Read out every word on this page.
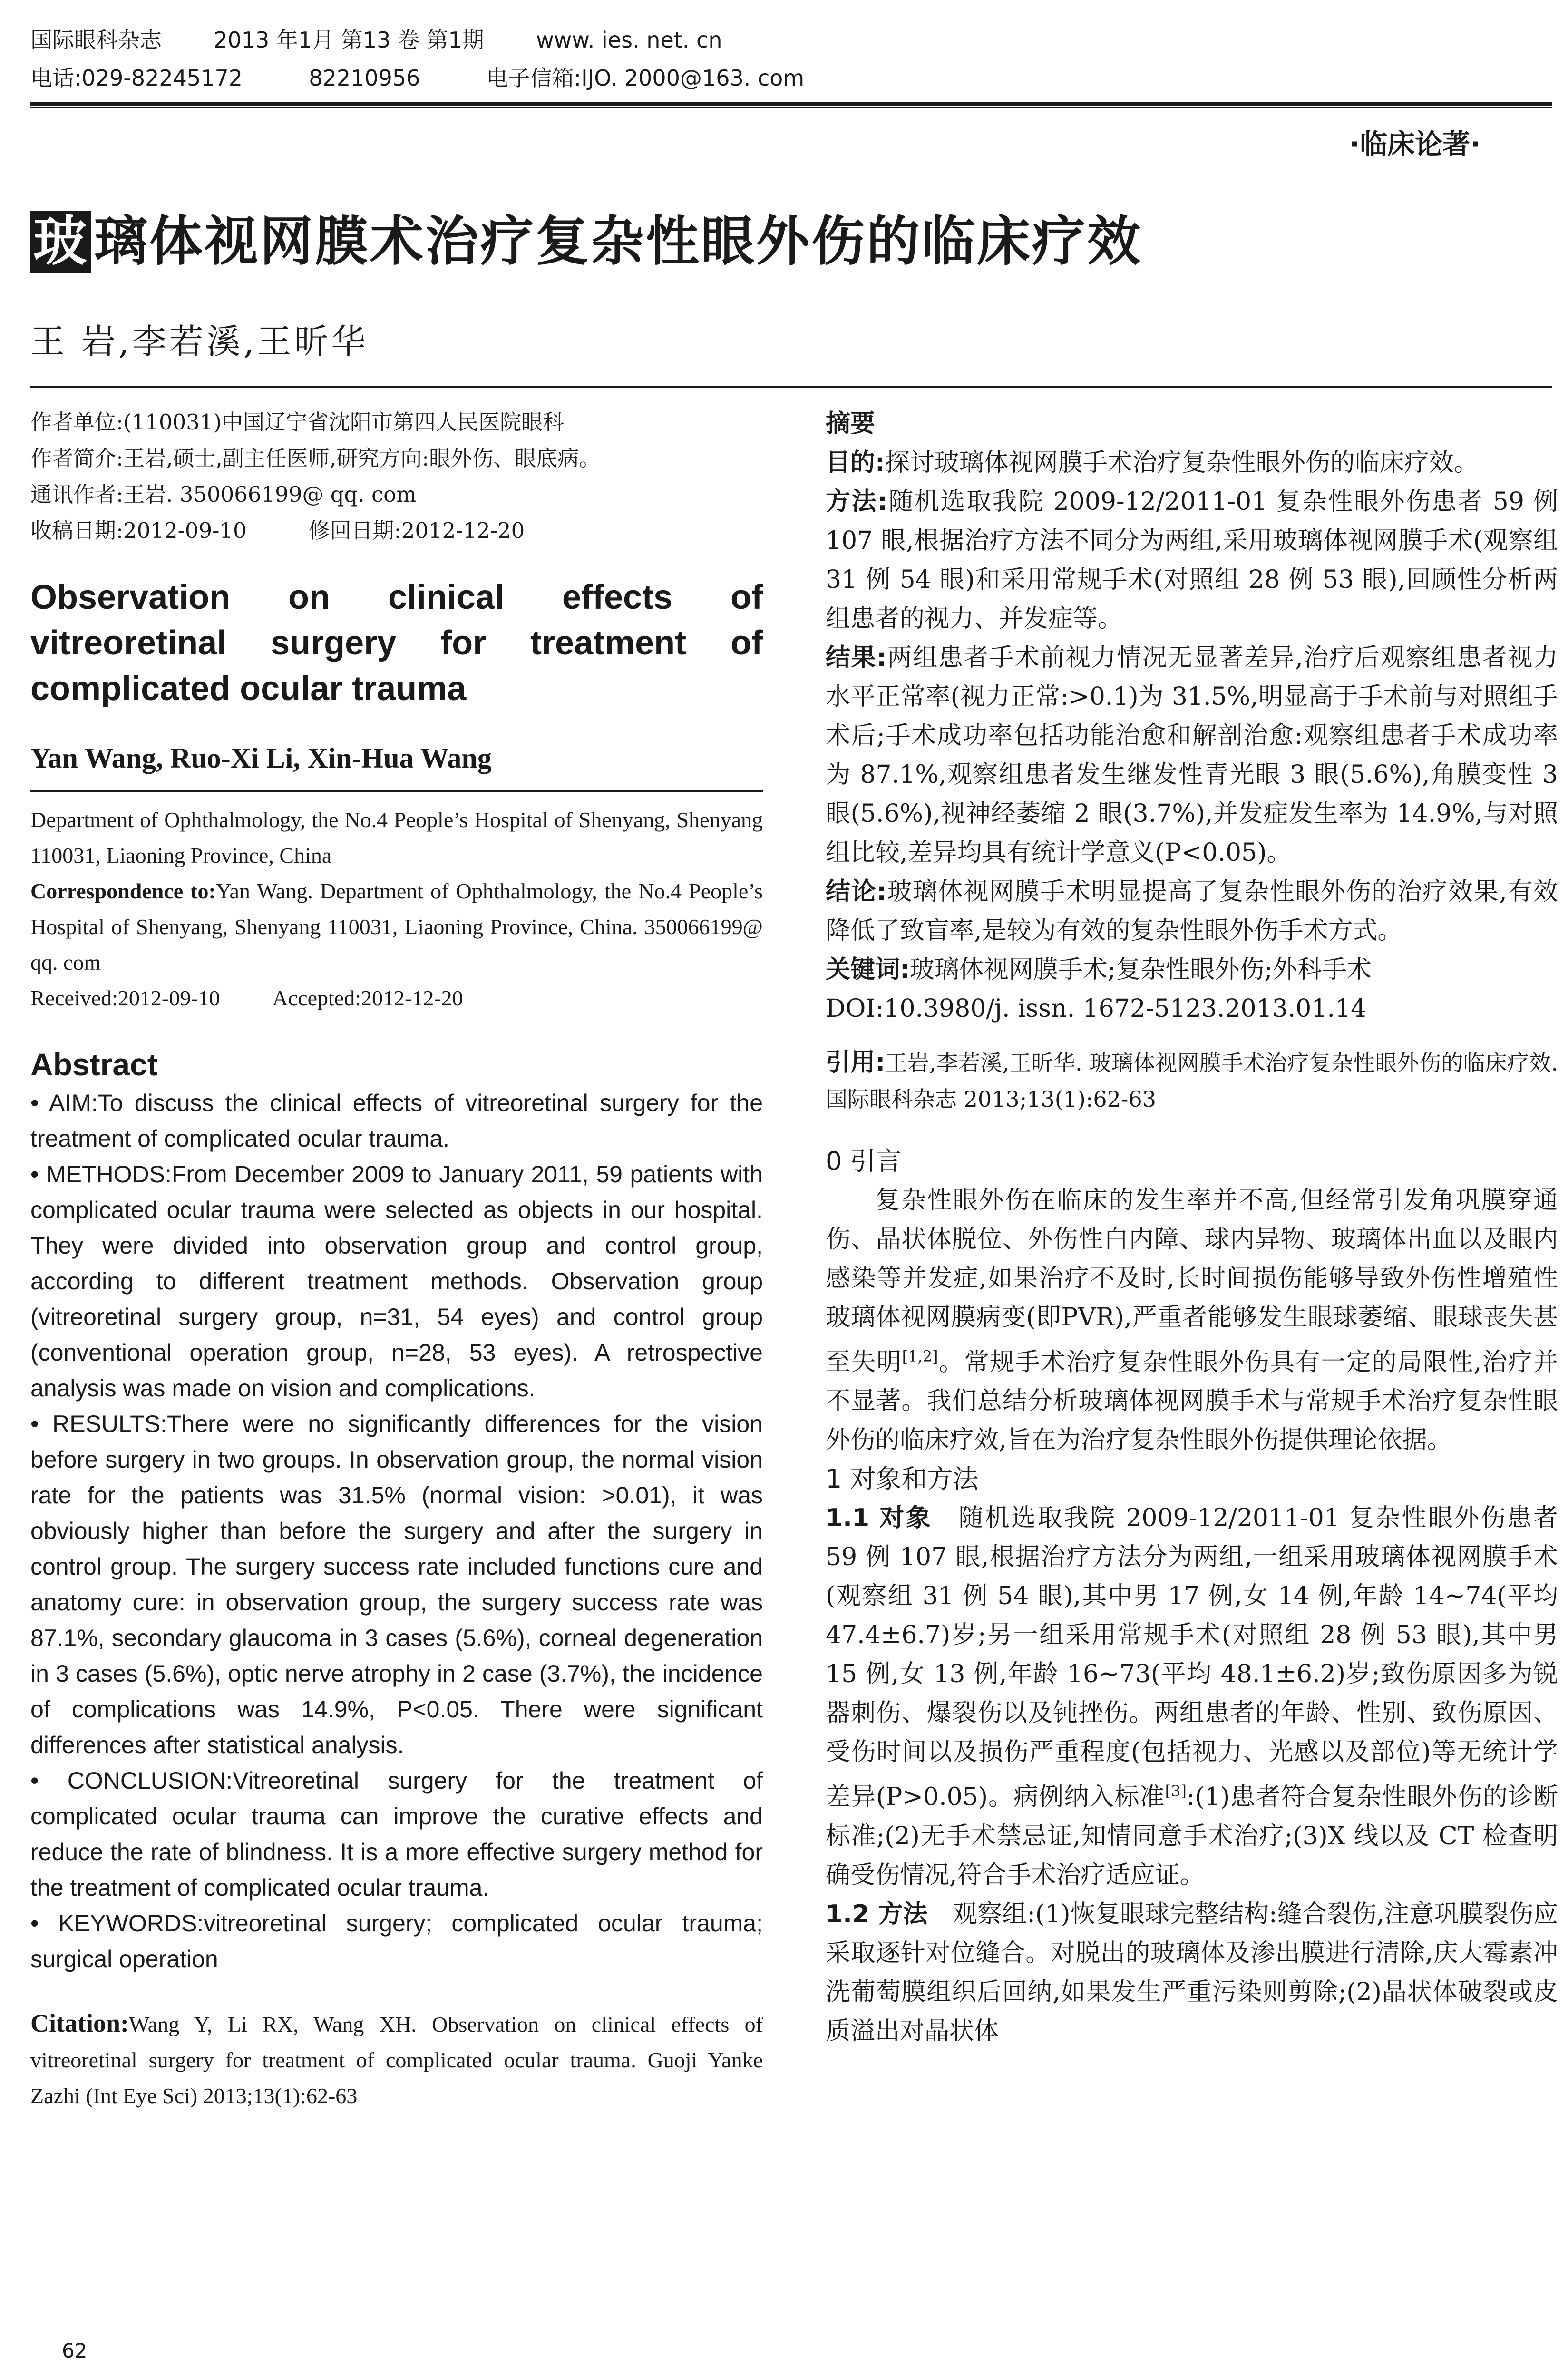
国际眼科杂志 2013 年1月 第13 卷 第1期 www. ies. net. cn
电话:029-82245172	82210956	电子信箱:IJO. 2000@163. com
·临床论著·
玻 璃体视网膜术治疗复杂性眼外伤的临床疗效
王 岩,李若溪,王昕华
作者单位:(110031)中国辽宁省沈阳市第四人民医院眼科
作者简介:王岩,硕士,副主任医师,研究方向:眼外伤、眼底病。
通讯作者:王岩. 350066199@ qq. com
收稿日期:2012-09-10	修回日期:2012-12-20
Observation on clinical effects of vitreoretinal surgery for treatment of complicated ocular trauma
Yan Wang, Ruo-Xi Li, Xin-Hua Wang
Department of Ophthalmology, the No.4 People’s Hospital of Shenyang, Shenyang 110031, Liaoning Province, China
Correspondence to:Yan Wang. Department of Ophthalmology, the No.4 People’s Hospital of Shenyang, Shenyang 110031, Liaoning Province, China. 350066199@ qq. com
Received:2012-09-10 Accepted:2012-12-20
Abstract

• AIM:To discuss the clinical effects of vitreoretinal surgery for the treatment of complicated ocular trauma.

• METHODS:From December 2009 to January 2011, 59 patients with complicated ocular trauma were selected as objects in our hospital. They were divided into observation group and control group, according to different treatment methods. Observation group (vitreoretinal surgery group, n=31, 54 eyes) and control group (conventional operation group, n=28, 53 eyes). A retrospective analysis was made on vision and complications.

• RESULTS:There were no significantly differences for the vision before surgery in two groups. In observation group, the normal vision rate for the patients was 31.5% (normal vision: >0.01), it was obviously higher than before the surgery and after the surgery in control group. The surgery success rate included functions cure and anatomy cure: in observation group, the surgery success rate was 87.1%, secondary glaucoma in 3 cases (5.6%), corneal degeneration in 3 cases (5.6%), optic nerve atrophy in 2 case (3.7%), the incidence of complications was 14.9%, P<0.05. There were significant differences after statistical analysis.

• CONCLUSION:Vitreoretinal surgery for the treatment of complicated ocular trauma can improve the curative effects and reduce the rate of blindness. It is a more effective surgery method for the treatment of complicated ocular trauma.

• KEYWORDS:vitreoretinal surgery; complicated ocular trauma; surgical operation

Citation:Wang Y, Li RX, Wang XH. Observation on clinical effects of vitreoretinal surgery for treatment of complicated ocular trauma. Guoji Yanke Zazhi (Int Eye Sci) 2013;13(1):62-63
62
摘要

目的:探讨玻璃体视网膜手术治疗复杂性眼外伤的临床疗效。

方法:随机选取我院 2009-12/2011-01 复杂性眼外伤患者 59 例 107 眼,根据治疗方法不同分为两组,采用玻璃体视网膜手术(观察组 31 例 54 眼)和采用常规手术(对照组 28 例 53 眼),回顾性分析两组患者的视力、并发症等。

结果:两组患者手术前视力情况无显著差异,治疗后观察组患者视力水平正常率(视力正常:>0.1)为 31.5%,明显高于手术前与对照组手术后;手术成功率包括功能治愈和解剖治愈:观察组患者手术成功率为 87.1%,观察组患者发生继发性青光眼 3 眼(5.6%),角膜变性 3 眼(5.6%),视神经萎缩 2 眼(3.7%),并发症发生率为 14.9%,与对照组比较,差异均具有统计学意义(P<0.05)。

结论:玻璃体视网膜手术明显提高了复杂性眼外伤的治疗效果,有效降低了致盲率,是较为有效的复杂性眼外伤手术方式。

关键词:玻璃体视网膜手术;复杂性眼外伤;外科手术

DOI:10.3980/j. issn. 1672-5123.2013.01.14

引用:王岩,李若溪,王昕华. 玻璃体视网膜手术治疗复杂性眼外伤的临床疗效. 国际眼科杂志 2013;13(1):62-63
0 引言

复杂性眼外伤在临床的发生率并不高,但经常引发角巩膜穿通伤、晶状体脱位、外伤性白内障、球内异物、玻璃体出血以及眼内感染等并发症,如果治疗不及时,长时间损伤能够导致外伤性增殖性玻璃体视网膜病变(即PVR),严重者能够发生眼球萎缩、眼球丧失甚至失明[1,2]。常规手术治疗复杂性眼外伤具有一定的局限性,治疗并不显著。我们总结分析玻璃体视网膜手术与常规手术治疗复杂性眼外伤的临床疗效,旨在为治疗复杂性眼外伤提供理论依据。

1 对象和方法

1.1 对象 随机选取我院 2009-12/2011-01 复杂性眼外伤患者 59 例 107 眼,根据治疗方法分为两组,一组采用玻璃体视网膜手术(观察组 31 例 54 眼),其中男 17 例,女 14 例,年龄 14~74(平均 47.4±6.7)岁;另一组采用常规手术(对照组 28 例 53 眼),其中男 15 例,女 13 例,年龄 16~73(平均 48.1±6.2)岁;致伤原因多为锐器刺伤、爆裂伤以及钝挫伤。两组患者的年龄、性别、致伤原因、受伤时间以及损伤严重程度(包括视力、光感以及部位)等无统计学差异(P>0.05)。病例纳入标准[3]:(1)患者符合复杂性眼外伤的诊断标准;(2)无手术禁忌证,知情同意手术治疗;(3)X 线以及 CT 检查明确受伤情况,符合手术治疗适应证。

1.2 方法 观察组:(1)恢复眼球完整结构:缝合裂伤,注意巩膜裂伤应采取逐针对位缝合。对脱出的玻璃体及渗出膜进行清除,庆大霉素冲洗葡萄膜组织后回纳,如果发生严重污染则剪除;(2)晶状体破裂或皮质溢出对晶状体
